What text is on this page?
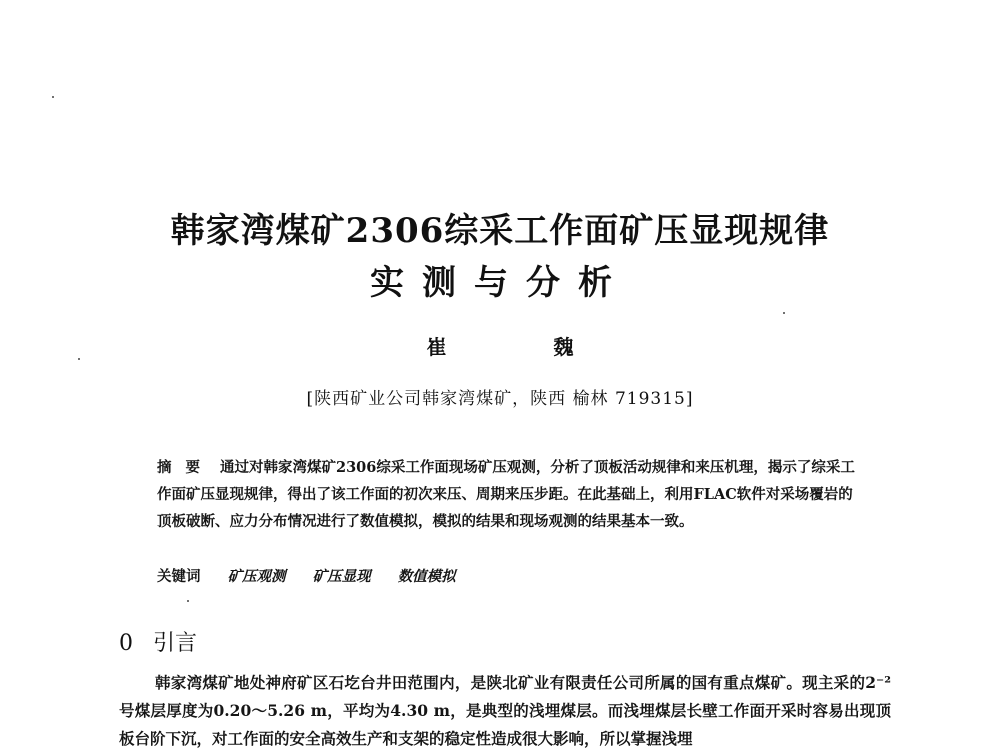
韩家湾煤矿2306综采工作面矿压显现规律
实测与分析
崔 魏
[陕西矿业公司韩家湾煤矿，陕西 榆林 719315]
摘要 通过对韩家湾煤矿2306综采工作面现场矿压观测，分析了顶板活动规律和来压机理，揭示了综采工作面矿压显现规律，得出了该工作面的初次来压、周期来压步距。在此基础上，利用FLAC软件对采场覆岩的顶板破断、应力分布情况进行了数值模拟，模拟的结果和现场观测的结果基本一致。
关键词 矿压观测 矿压显现 数值模拟
0 引言

韩家湾煤矿地处神府矿区石圪台井田范围内，是陕北矿业有限责任公司所属的国有重点煤矿。现主采的2⁻²号煤层厚度为0.20～5.26 m，平均为4.30 m，是典型的浅埋煤层。而浅埋煤层长壁工作面开采时容易出现顶板台阶下沉，对工作面的安全高效生产和支架的稳定性造成很大影响，所以掌握浅埋
